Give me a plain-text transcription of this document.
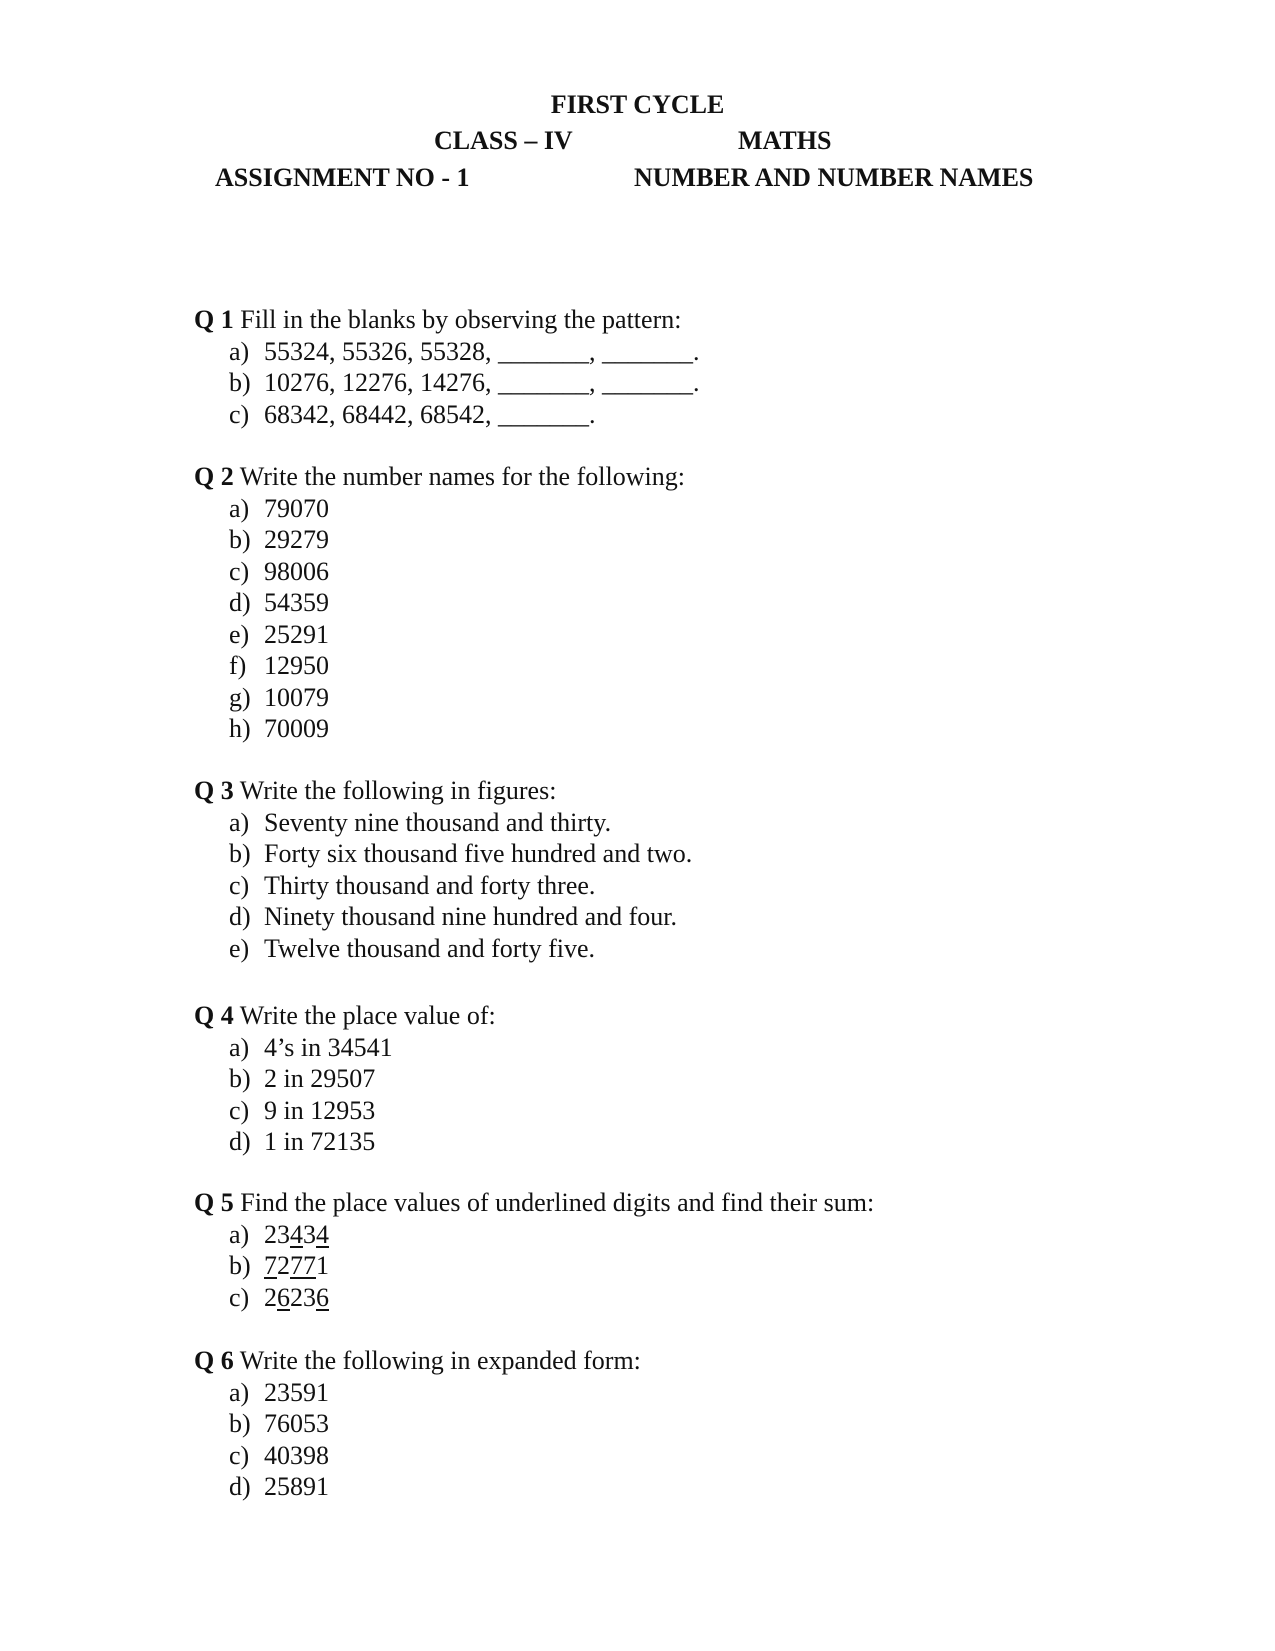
FIRST CYCLE
CLASS – IV	MATHS
ASSIGNMENT NO - 1	NUMBER AND NUMBER NAMES

Q 1 Fill in the blanks by observing the pattern:

a) 55324, 55326, 55328, _______, _______.
b) 10276, 12276, 14276, _______, _______.
c) 68342, 68442, 68542, _______.

Q 2 Write the number names for the following:

a) 79070
b) 29279
c) 98006
d) 54359
e) 25291
f) 12950
g) 10079
h) 70009

Q 3 Write the following in figures:

a) Seventy nine thousand and thirty.
b) Forty six thousand five hundred and two.
c) Thirty thousand and forty three.
d) Ninety thousand nine hundred and four.
e) Twelve thousand and forty five.

Q 4 Write the place value of:

a) 4’s in 34541
b) 2 in 29507
c) 9 in 12953
d) 1 in 72135

Q 5 Find the place values of underlined digits and find their sum:

a) 23434
b) 72771
c) 26236

Q 6 Write the following in expanded form:

a) 23591
b) 76053
c) 40398
d) 25891
